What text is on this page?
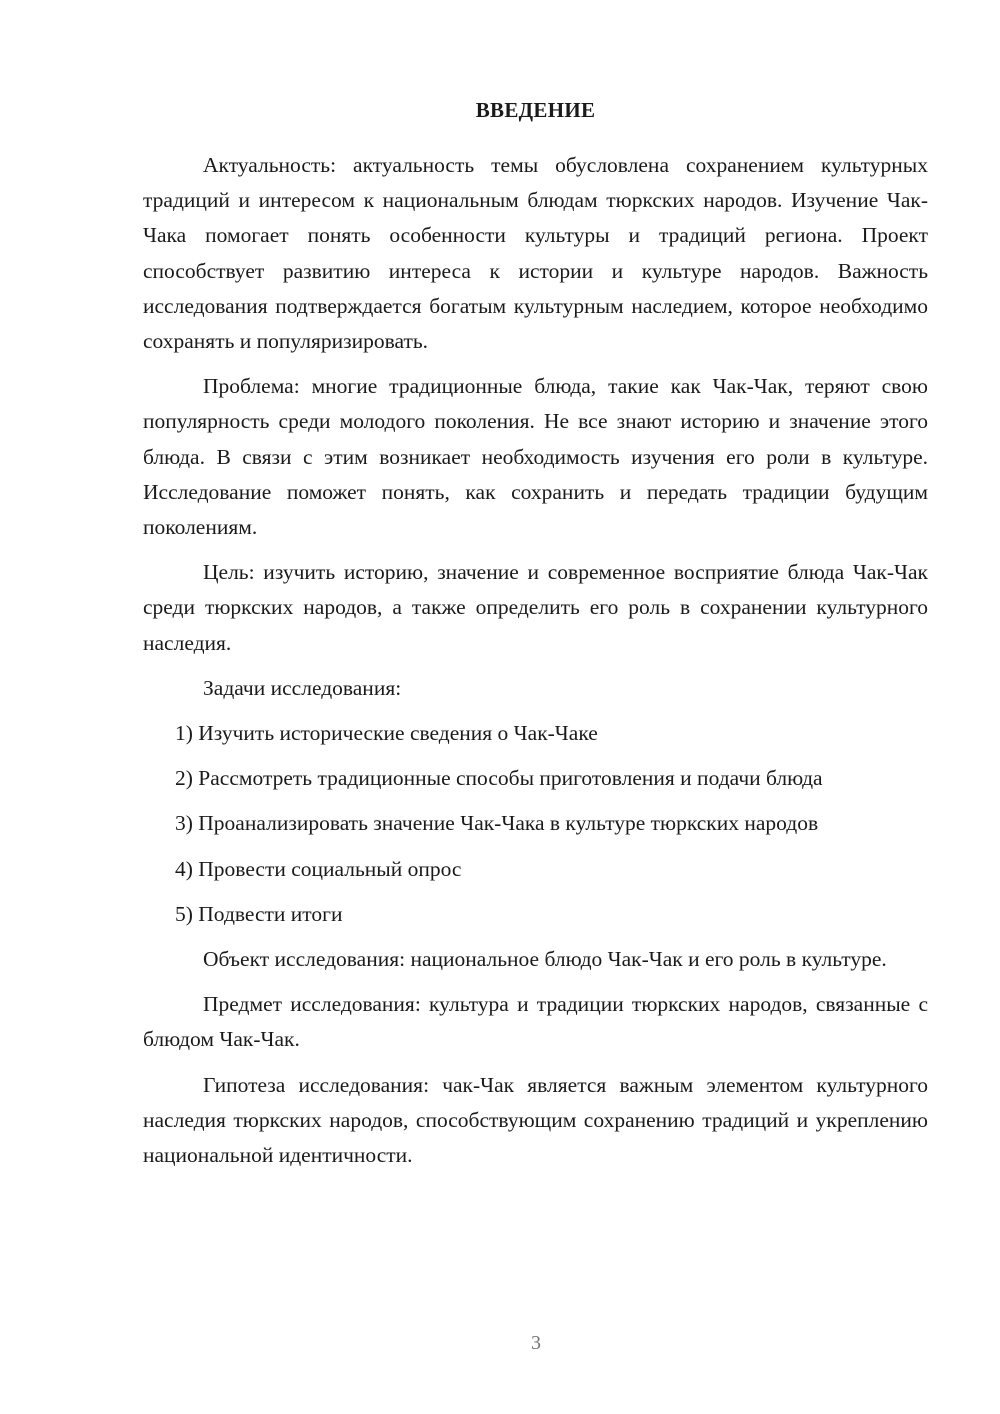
ВВЕДЕНИЕ

Актуальность: актуальность темы обусловлена сохранением культурных традиций и интересом к национальным блюдам тюркских народов. Изучение Чак-Чака помогает понять особенности культуры и традиций региона. Проект способствует развитию интереса к истории и культуре народов. Важность исследования подтверждается богатым культурным наследием, которое необходимо сохранять и популяризировать.

Проблема: многие традиционные блюда, такие как Чак-Чак, теряют свою популярность среди молодого поколения. Не все знают историю и значение этого блюда. В связи с этим возникает необходимость изучения его роли в культуре. Исследование поможет понять, как сохранить и передать традиции будущим поколениям.

Цель: изучить историю, значение и современное восприятие блюда Чак-Чак среди тюркских народов, а также определить его роль в сохранении культурного наследия.

Задачи исследования:

1) Изучить исторические сведения о Чак-Чаке

2) Рассмотреть традиционные способы приготовления и подачи блюда

3) Проанализировать значение Чак-Чака в культуре тюркских народов

4) Провести социальный опрос

5) Подвести итоги

Объект исследования: национальное блюдо Чак-Чак и его роль в культуре.

Предмет исследования: культура и традиции тюркских народов, связанные с блюдом Чак-Чак.

Гипотеза исследования: чак-Чак является важным элементом культурного наследия тюркских народов, способствующим сохранению традиций и укреплению национальной идентичности.

3
